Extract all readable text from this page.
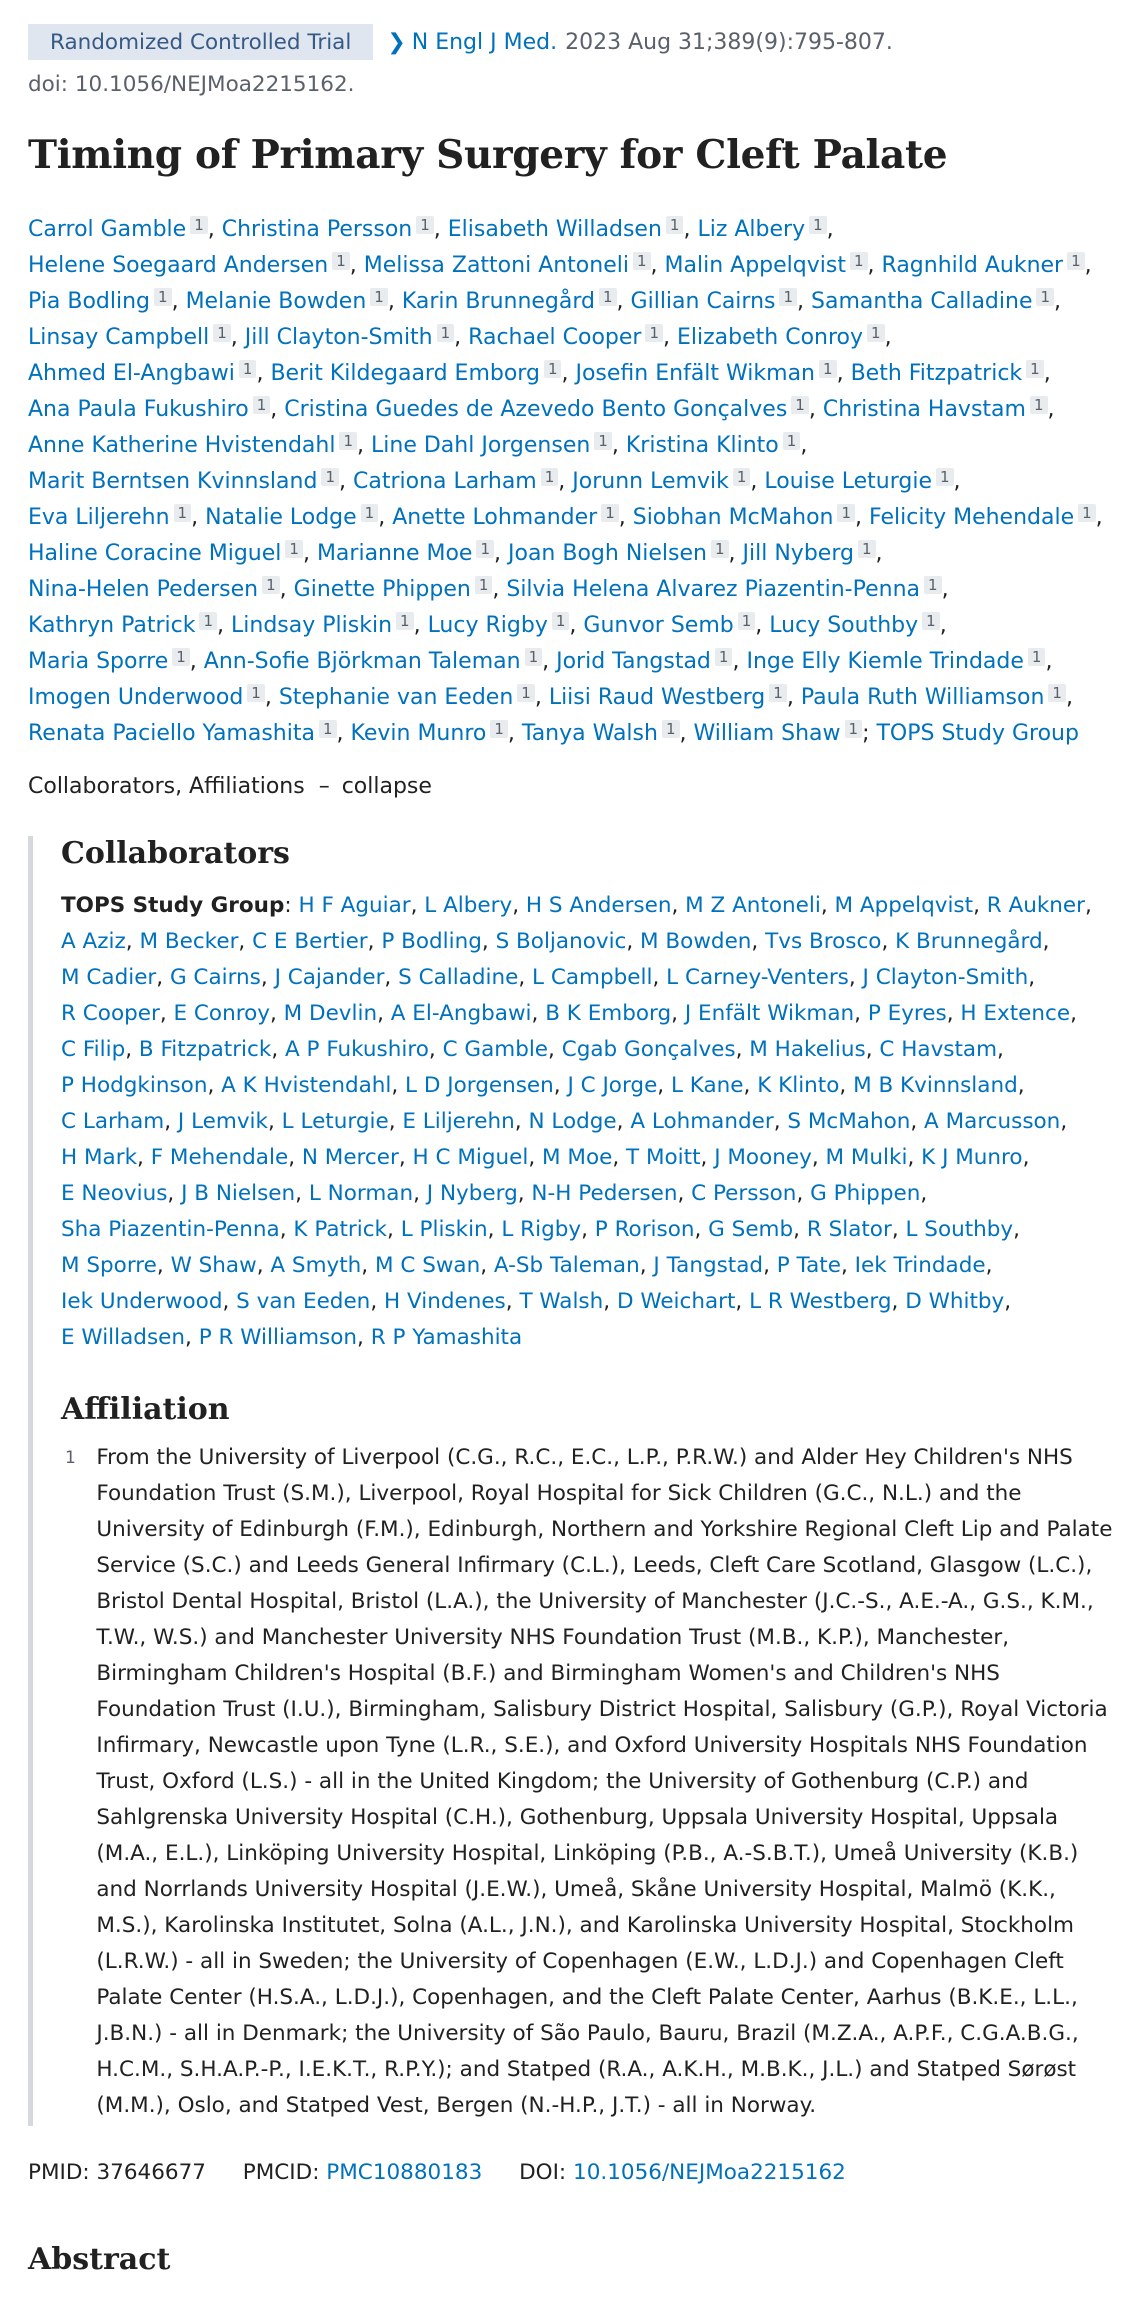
Randomized Controlled Trial	❯ N Engl J Med. 2023 Aug 31;389(9):795-807.
doi: 10.1056/NEJMoa2215162.
Timing of Primary Surgery for Cleft Palate
Carrol Gamble 1 , Christina Persson 1 , Elisabeth Willadsen 1 , Liz Albery 1 , Helene Soegaard Andersen 1 , Melissa Zattoni Antoneli 1 , Malin Appelqvist 1 , Ragnhild Aukner 1 , Pia Bodling 1 , Melanie Bowden 1 , Karin Brunnegård 1 , Gillian Cairns 1 , Samantha Calladine 1 , Linsay Campbell 1 , Jill Clayton-Smith 1 , Rachael Cooper 1 , Elizabeth Conroy 1 , Ahmed El-Angbawi 1 , Berit Kildegaard Emborg 1 , Josefin Enfält Wikman 1 , Beth Fitzpatrick 1 , Ana Paula Fukushiro 1 , Cristina Guedes de Azevedo Bento Gonçalves 1 , Christina Havstam 1 , Anne Katherine Hvistendahl 1 , Line Dahl Jorgensen 1 , Kristina Klinto 1 , Marit Berntsen Kvinnsland 1 , Catriona Larham 1 , Jorunn Lemvik 1 , Louise Leturgie 1 , Eva Liljerehn 1 , Natalie Lodge 1 , Anette Lohmander 1 , Siobhan McMahon 1 , Felicity Mehendale 1 , Haline Coracine Miguel 1 , Marianne Moe 1 , Joan Bogh Nielsen 1 , Jill Nyberg 1 , Nina-Helen Pedersen 1 , Ginette Phippen 1 , Silvia Helena Alvarez Piazentin-Penna 1 , Kathryn Patrick 1 , Lindsay Pliskin 1 , Lucy Rigby 1 , Gunvor Semb 1 , Lucy Southby 1 , Maria Sporre 1 , Ann-Sofie Björkman Taleman 1 , Jorid Tangstad 1 , Inge Elly Kiemle Trindade 1 , Imogen Underwood 1 , Stephanie van Eeden 1 , Liisi Raud Westberg 1 , Paula Ruth Williamson 1 , Renata Paciello Yamashita 1 , Kevin Munro 1 , Tanya Walsh 1 , William Shaw 1 ; TOPS Study Group
Collaborators, Affiliations – collapse
Collaborators
TOPS Study Group: H F Aguiar, L Albery, H S Andersen, M Z Antoneli, M Appelqvist, R Aukner, A Aziz, M Becker, C E Bertier, P Bodling, S Boljanovic, M Bowden, Tvs Brosco, K Brunnegård, M Cadier, G Cairns, J Cajander, S Calladine, L Campbell, L Carney-Venters, J Clayton-Smith, R Cooper, E Conroy, M Devlin, A El-Angbawi, B K Emborg, J Enfält Wikman, P Eyres, H Extence, C Filip, B Fitzpatrick, A P Fukushiro, C Gamble, Cgab Gonçalves, M Hakelius, C Havstam, P Hodgkinson, A K Hvistendahl, L D Jorgensen, J C Jorge, L Kane, K Klinto, M B Kvinnsland, C Larham, J Lemvik, L Leturgie, E Liljerehn, N Lodge, A Lohmander, S McMahon, A Marcusson, H Mark, F Mehendale, N Mercer, H C Miguel, M Moe, T Moitt, J Mooney, M Mulki, K J Munro, E Neovius, J B Nielsen, L Norman, J Nyberg, N-H Pedersen, C Persson, G Phippen, Sha Piazentin-Penna, K Patrick, L Pliskin, L Rigby, P Rorison, G Semb, R Slator, L Southby, M Sporre, W Shaw, A Smyth, M C Swan, A-Sb Taleman, J Tangstad, P Tate, Iek Trindade, Iek Underwood, S van Eeden, H Vindenes, T Walsh, D Weichart, L R Westberg, D Whitby, E Willadsen, P R Williamson, R P Yamashita
Affiliation
1 From the University of Liverpool (C.G., R.C., E.C., L.P., P.R.W.) and Alder Hey Children's NHS Foundation Trust (S.M.), Liverpool, Royal Hospital for Sick Children (G.C., N.L.) and the University of Edinburgh (F.M.), Edinburgh, Northern and Yorkshire Regional Cleft Lip and Palate Service (S.C.) and Leeds General Infirmary (C.L.), Leeds, Cleft Care Scotland, Glasgow (L.C.), Bristol Dental Hospital, Bristol (L.A.), the University of Manchester (J.C.-S., A.E.-A., G.S., K.M., T.W., W.S.) and Manchester University NHS Foundation Trust (M.B., K.P.), Manchester, Birmingham Children's Hospital (B.F.) and Birmingham Women's and Children's NHS Foundation Trust (I.U.), Birmingham, Salisbury District Hospital, Salisbury (G.P.), Royal Victoria Infirmary, Newcastle upon Tyne (L.R., S.E.), and Oxford University Hospitals NHS Foundation Trust, Oxford (L.S.) - all in the United Kingdom; the University of Gothenburg (C.P.) and Sahlgrenska University Hospital (C.H.), Gothenburg, Uppsala University Hospital, Uppsala (M.A., E.L.), Linköping University Hospital, Linköping (P.B., A.-S.B.T.), Umeå University (K.B.) and Norrlands University Hospital (J.E.W.), Umeå, Skåne University Hospital, Malmö (K.K., M.S.), Karolinska Institutet, Solna (A.L., J.N.), and Karolinska University Hospital, Stockholm (L.R.W.) - all in Sweden; the University of Copenhagen (E.W., L.D.J.) and Copenhagen Cleft Palate Center (H.S.A., L.D.J.), Copenhagen, and the Cleft Palate Center, Aarhus (B.K.E., L.L., J.B.N.) - all in Denmark; the University of São Paulo, Bauru, Brazil (M.Z.A., A.P.F., C.G.A.B.G., H.C.M., S.H.A.P.-P., I.E.K.T., R.P.Y.); and Statped (R.A., A.K.H., M.B.K., J.L.) and Statped Sørøst (M.M.), Oslo, and Statped Vest, Bergen (N.-H.P., J.T.) - all in Norway.
PMID: 37646677 PMCID: PMC10880183 DOI: 10.1056/NEJMoa2215162
Abstract
